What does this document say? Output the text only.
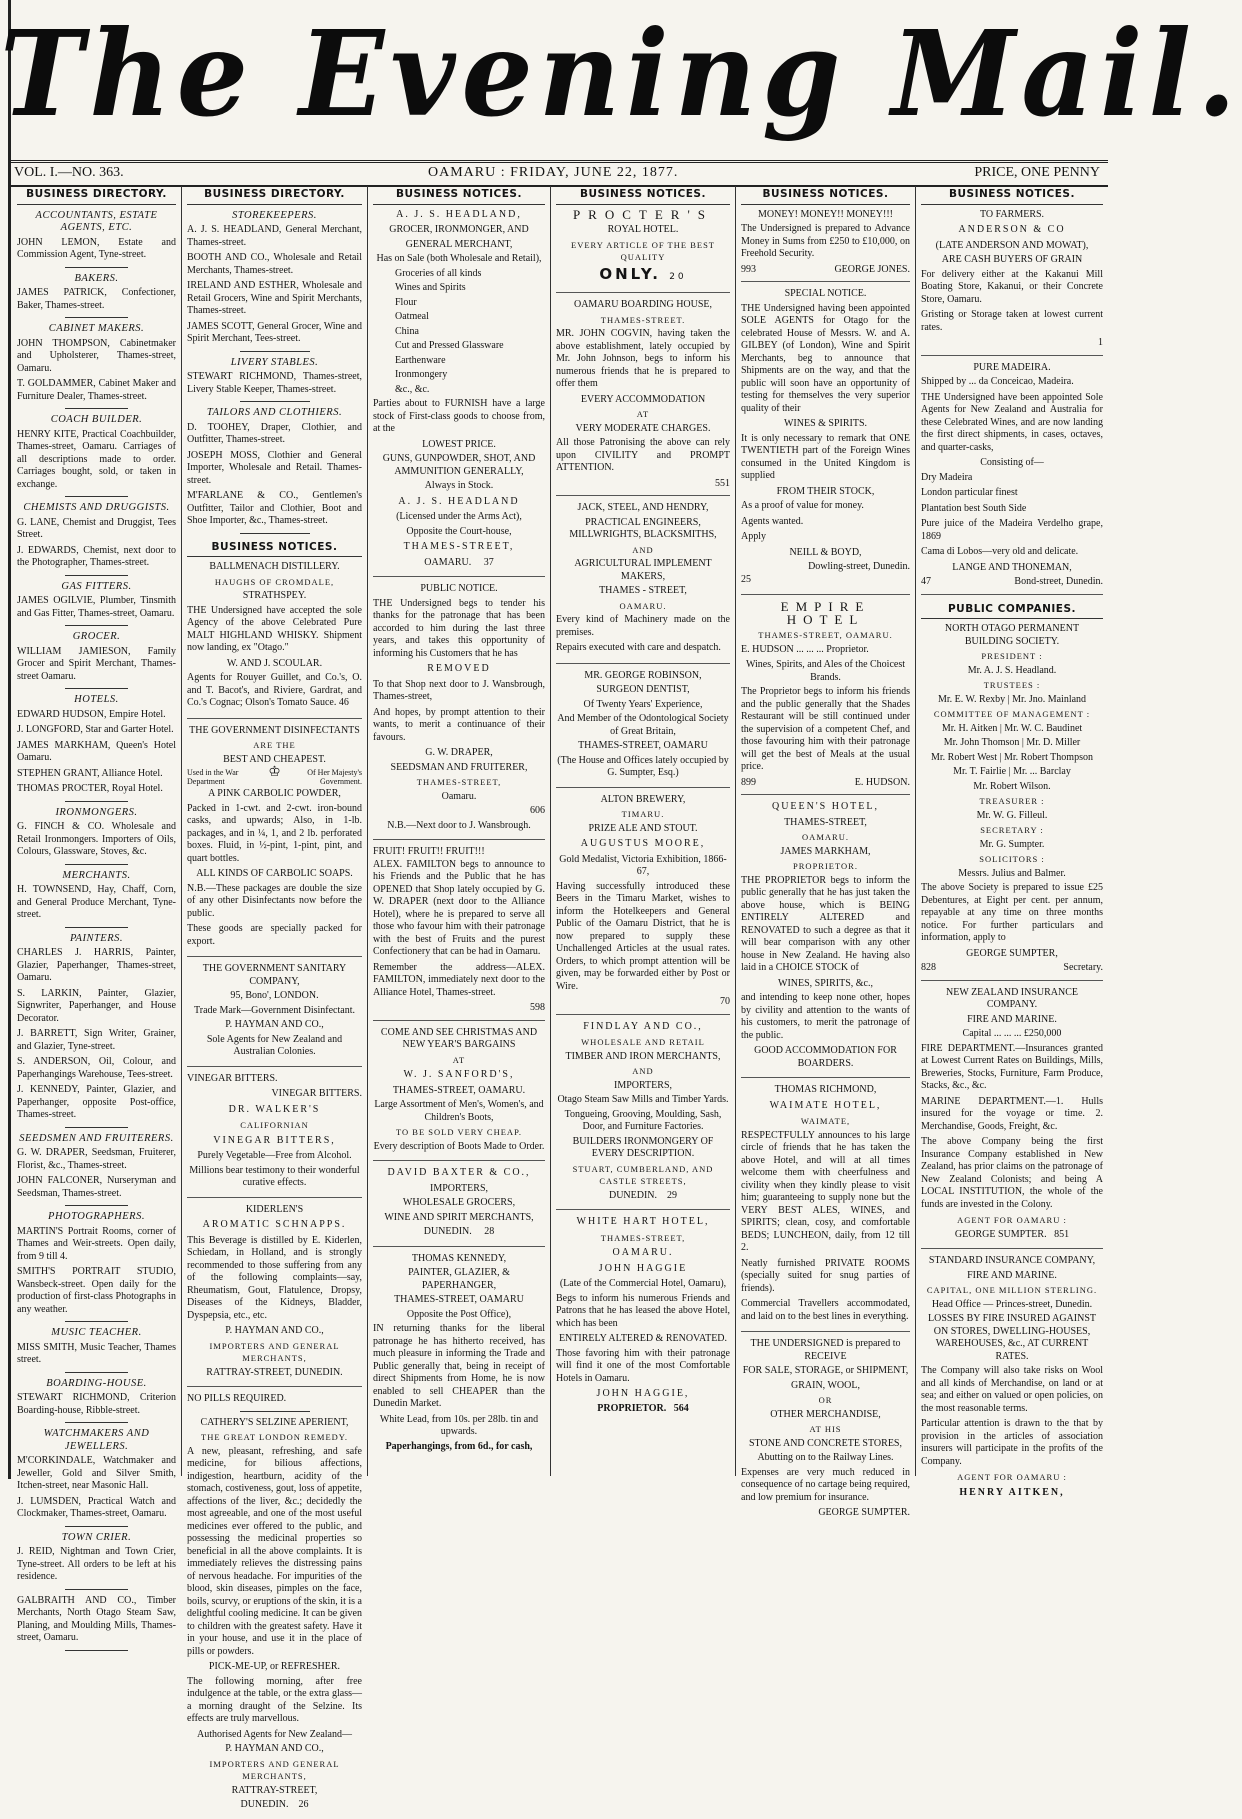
The Evening Mail.
VOL. I.—NO. 363.	OAMARU : FRIDAY, JUNE 22, 1877.	PRICE, ONE PENNY
BUSINESS DIRECTORY.
ACCOUNTANTS, ESTATE AGENTS, ETC.
JOHN LEMON, Estate and Commission Agent, Tyne-street.
BAKERS.
JAMES PATRICK, Confectioner, Baker, Thames-street.
CABINET MAKERS.
JOHN THOMPSON, Cabinetmaker and Upholsterer, Thames-street, Oamaru.
T. GOLDAMMER, Cabinet Maker and Furniture Dealer, Thames-street.
COACH BUILDER.
HENRY KITE, Practical Coachbuilder, Thames-street, Oamaru. Carriages of all descriptions made to order. Carriages bought, sold, or taken in exchange.
CHEMISTS AND DRUGGISTS.
G. LANE, Chemist and Druggist, Tees Street.
J. EDWARDS, Chemist, next door to the Photographer, Thames-street.
GAS FITTERS.
JAMES OGILVIE, Plumber, Tinsmith and Gas Fitter, Thames-street, Oamaru.
GROCER.
WILLIAM JAMIESON, Family Grocer and Spirit Merchant, Thames-street Oamaru.
HOTELS.
EDWARD HUDSON, Empire Hotel.
J. LONGFORD, Star and Garter Hotel.
JAMES MARKHAM, Queen's Hotel Oamaru.
STEPHEN GRANT, Alliance Hotel.
THOMAS PROCTER, Royal Hotel.
IRONMONGERS.
G. FINCH & CO. Wholesale and Retail Ironmongers. Importers of Oils, Colours, Glassware, Stoves, &c.
MERCHANTS.
H. TOWNSEND, Hay, Chaff, Corn, and General Produce Merchant, Tyne-street.
PAINTERS.
CHARLES J. HARRIS, Painter, Glazier, Paperhanger, Thames-street, Oamaru.
S. LARKIN, Painter, Glazier, Signwriter, Paperhanger, and House Decorator.
J. BARRETT, Sign Writer, Grainer, and Glazier, Tyne-street.
S. ANDERSON, Oil, Colour, and Paperhangings Warehouse, Tees-street.
J. KENNEDY, Painter, Glazier, and Paperhanger, opposite Post-office, Thames-street.
SEEDSMEN AND FRUITERERS.
G. W. DRAPER, Seedsman, Fruiterer, Florist, &c., Thames-street.
JOHN FALCONER, Nurseryman and Seedsman, Thames-street.
PHOTOGRAPHERS.
MARTIN'S Portrait Rooms, corner of Thames and Weir-streets. Open daily, from 9 till 4.
SMITH'S PORTRAIT STUDIO, Wansbeck-street. Open daily for the production of first-class Photographs in any weather.
MUSIC TEACHER.
MISS SMITH, Music Teacher, Thames street.
BOARDING-HOUSE.
STEWART RICHMOND, Criterion Boarding-house, Ribble-street.
WATCHMAKERS AND JEWELLERS.
M'CORKINDALE, Watchmaker and Jeweller, Gold and Silver Smith, Itchen-street, near Masonic Hall.
J. LUMSDEN, Practical Watch and Clockmaker, Thames-street, Oamaru.
TOWN CRIER.
J. REID, Nightman and Town Crier, Tyne-street. All orders to be left at his residence.
GALBRAITH AND CO., Timber Merchants, North Otago Steam Saw, Planing, and Moulding Mills, Thames-street, Oamaru.
BUSINESS DIRECTORY.
STOREKEEPERS.
A. J. S. HEADLAND, General Merchant, Thames-street.
BOOTH AND CO., Wholesale and Retail Merchants, Thames-street.
IRELAND AND ESTHER, Wholesale and Retail Grocers, Wine and Spirit Merchants, Thames-street.
JAMES SCOTT, General Grocer, Wine and Spirit Merchant, Tees-street.
LIVERY STABLES.
STEWART RICHMOND, Thames-street, Livery Stable Keeper, Thames-street.
TAILORS AND CLOTHIERS.
D. TOOHEY, Draper, Clothier, and Outfitter, Thames-street.
JOSEPH MOSS, Clothier and General Importer, Wholesale and Retail. Thames-street.
M'FARLANE & CO., Gentlemen's Outfitter, Tailor and Clothier, Boot and Shoe Importer, &c., Thames-street.
BUSINESS NOTICES.
BALLMENACH DISTILLERY.
HAUGHS OF CROMDALE,
STRATHSPEY.
THE Undersigned have accepted the sole Agency of the above Celebrated Pure MALT HIGHLAND WHISKY. Shipment now landing, ex "Otago."
W. AND J. SCOULAR.
Agents for Rouyer Guillet, and Co.'s, O. and T. Bacot's, and Riviere, Gardrat, and Co.'s Cognac; Olson's Tomato Sauce. 46
THE GOVERNMENT DISINFECTANTS
ARE THE
BEST AND CHEAPEST.
Used in the War Department
♔	Of Her Majesty's Government.
A PINK CARBOLIC POWDER,
Packed in 1-cwt. and 2-cwt. iron-bound casks, and upwards; Also, in 1-lb. packages, and in ¼, 1, and 2 lb. perforated boxes. Fluid, in ½-pint, 1-pint, pint, and quart bottles.
ALL KINDS OF CARBOLIC SOAPS.
N.B.—These packages are double the size of any other Disinfectants now before the public.
These goods are specially packed for export.
THE GOVERNMENT SANITARY COMPANY,
95, Bono', LONDON.
Trade Mark—Government Disinfectant.
P. HAYMAN AND CO.,
Sole Agents for New Zealand and Australian Colonies.
VINEGAR BITTERS.
VINEGAR BITTERS.
DR. WALKER'S
CALIFORNIAN
VINEGAR BITTERS,
Purely Vegetable—Free from Alcohol.
Millions bear testimony to their wonderful curative effects.
KIDERLEN'S
AROMATIC SCHNAPPS.
This Beverage is distilled by E. Kiderlen, Schiedam, in Holland, and is strongly recommended to those suffering from any of the following complaints—say, Rheumatism, Gout, Flatulence, Dropsy, Diseases of the Kidneys, Bladder, Dyspepsia, etc., etc.
P. HAYMAN AND CO.,
IMPORTERS AND GENERAL MERCHANTS,
RATTRAY-STREET, DUNEDIN.
NO PILLS REQUIRED.
CATHERY'S SELZINE APERIENT,
THE GREAT LONDON REMEDY.
A new, pleasant, refreshing, and safe medicine, for bilious affections, indigestion, heartburn, acidity of the stomach, costiveness, gout, loss of appetite, affections of the liver, &c.; decidedly the most agreeable, and one of the most useful medicines ever offered to the public, and possessing the medicinal properties so beneficial in all the above complaints. It is immediately relieves the distressing pains of nervous headache. For impurities of the blood, skin diseases, pimples on the face, boils, scurvy, or eruptions of the skin, it is a delightful cooling medicine. It can be given to children with the greatest safety. Have it in your house, and use it in the place of pills or powders.
PICK-ME-UP, or REFRESHER.
The following morning, after free indulgence at the table, or the extra glass—a morning draught of the Selzine. Its effects are truly marvellous.
Authorised Agents for New Zealand—
P. HAYMAN AND CO.,
IMPORTERS AND GENERAL MERCHANTS,
RATTRAY-STREET,
DUNEDIN. 26
BUSINESS NOTICES.
A. J. S. HEADLAND,
GROCER, IRONMONGER, AND
GENERAL MERCHANT,
Has on Sale (both Wholesale and Retail),
Groceries of all kinds
Wines and Spirits
Flour
Oatmeal
China
Cut and Pressed Glassware
Earthenware
Ironmongery
&c., &c.
Parties about to FURNISH have a large stock of First-class goods to choose from, at the
LOWEST PRICE.
GUNS, GUNPOWDER, SHOT, AND AMMUNITION GENERALLY,
Always in Stock.
A. J. S. HEADLAND
(Licensed under the Arms Act),
Opposite the Court-house,
THAMES-STREET,
OAMARU. 37
PUBLIC NOTICE.
THE Undersigned begs to tender his thanks for the patronage that has been accorded to him during the last three years, and takes this opportunity of informing his Customers that he has
REMOVED
To that Shop next door to J. Wansbrough, Thames-street,
And hopes, by prompt attention to their wants, to merit a continuance of their favours.
G. W. DRAPER,
SEEDSMAN AND FRUITERER,
THAMES-STREET,
Oamaru.
606
N.B.—Next door to J. Wansbrough.
FRUIT! FRUIT!! FRUIT!!!
ALEX. FAMILTON begs to announce to his Friends and the Public that he has OPENED that Shop lately occupied by G. W. DRAPER (next door to the Alliance Hotel), where he is prepared to serve all those who favour him with their patronage with the best of Fruits and the purest Confectionery that can be had in Oamaru.
Remember the address—ALEX. FAMILTON, immediately next door to the Alliance Hotel, Thames-street.
598
COME AND SEE CHRISTMAS AND NEW YEAR'S BARGAINS
AT
W. J. SANFORD'S,
THAMES-STREET, OAMARU.
Large Assortment of Men's, Women's, and Children's Boots,
TO BE SOLD VERY CHEAP.
Every description of Boots Made to Order.
DAVID BAXTER & CO.,
IMPORTERS,
WHOLESALE GROCERS,
WINE AND SPIRIT MERCHANTS,
DUNEDIN. 28
THOMAS KENNEDY,
PAINTER, GLAZIER, & PAPERHANGER,
THAMES-STREET, OAMARU
Opposite the Post Office),
IN returning thanks for the liberal patronage he has hitherto received, has much pleasure in informing the Trade and Public generally that, being in receipt of direct Shipments from Home, he is now enabled to sell CHEAPER than the Dunedin Market.
White Lead, from 10s. per 28lb. tin and upwards.
Paperhangings, from 6d., for cash,
BUSINESS NOTICES.
PROCTER'S
ROYAL HOTEL.
EVERY ARTICLE OF THE BEST QUALITY
ONLY. 20
OAMARU BOARDING HOUSE,
THAMES-STREET.
MR. JOHN COGVIN, having taken the above establishment, lately occupied by Mr. John Johnson, begs to inform his numerous friends that he is prepared to offer them
EVERY ACCOMMODATION
AT
VERY MODERATE CHARGES.
All those Patronising the above can rely upon CIVILITY and PROMPT ATTENTION.
551
JACK, STEEL, AND HENDRY,
PRACTICAL ENGINEERS, MILLWRIGHTS, BLACKSMITHS,
AND
AGRICULTURAL IMPLEMENT MAKERS,
THAMES - STREET,
OAMARU.
Every kind of Machinery made on the premises.
Repairs executed with care and despatch.
MR. GEORGE ROBINSON,
SURGEON DENTIST,
Of Twenty Years' Experience,
And Member of the Odontological Society of Great Britain,
THAMES-STREET, OAMARU
(The House and Offices lately occupied by G. Sumpter, Esq.)
ALTON BREWERY,
TIMARU.
PRIZE ALE AND STOUT.
AUGUSTUS MOORE,
Gold Medalist, Victoria Exhibition, 1866-67,
Having successfully introduced these Beers in the Timaru Market, wishes to inform the Hotelkeepers and General Public of the Oamaru District, that he is now prepared to supply these Unchallenged Articles at the usual rates. Orders, to which prompt attention will be given, may be forwarded either by Post or Wire.
70
FINDLAY AND CO.,
WHOLESALE AND RETAIL
TIMBER AND IRON MERCHANTS,
AND
IMPORTERS,
Otago Steam Saw Mills and Timber Yards.
Tongueing, Grooving, Moulding, Sash, Door, and Furniture Factories.
BUILDERS IRONMONGERY OF EVERY DESCRIPTION.
STUART, CUMBERLAND, AND CASTLE STREETS,
DUNEDIN. 29
WHITE HART HOTEL,
THAMES-STREET,
OAMARU.
JOHN HAGGIE
(Late of the Commercial Hotel, Oamaru),
Begs to inform his numerous Friends and Patrons that he has leased the above Hotel, which has been
ENTIRELY ALTERED & RENOVATED.
Those favoring him with their patronage will find it one of the most Comfortable Hotels in Oamaru.
JOHN HAGGIE,
PROPRIETOR. 564
BUSINESS NOTICES.
MONEY! MONEY!! MONEY!!!
The Undersigned is prepared to Advance Money in Sums from £250 to £10,000, on Freehold Security.
993	GEORGE JONES.
SPECIAL NOTICE.
THE Undersigned having been appointed SOLE AGENTS for Otago for the celebrated House of Messrs. W. and A. GILBEY (of London), Wine and Spirit Merchants, beg to announce that Shipments are on the way, and that the public will soon have an opportunity of testing for themselves the very superior quality of their
WINES & SPIRITS.
It is only necessary to remark that ONE TWENTIETH part of the Foreign Wines consumed in the United Kingdom is supplied
FROM THEIR STOCK,
As a proof of value for money.
Agents wanted.
Apply
NEILL & BOYD,
Dowling-street, Dunedin.
25
EMPIRE HOTEL
THAMES-STREET, OAMARU.
E. HUDSON ... ... ... Proprietor.
Wines, Spirits, and Ales of the Choicest Brands.
The Proprietor begs to inform his friends and the public generally that the Shades Restaurant will be still continued under the supervision of a competent Chef, and those favouring him with their patronage will get the best of Meals at the usual price.
899	E. HUDSON.
QUEEN'S HOTEL,
THAMES-STREET,
OAMARU.
JAMES MARKHAM,
PROPRIETOR.
THE PROPRIETOR begs to inform the public generally that he has just taken the above house, which is BEING ENTIRELY ALTERED and RENOVATED to such a degree as that it will bear comparison with any other house in New Zealand. He having also laid in a CHOICE STOCK of
WINES, SPIRITS, &c.,
and intending to keep none other, hopes by civility and attention to the wants of his customers, to merit the patronage of the public.
GOOD ACCOMMODATION FOR BOARDERS.
THOMAS RICHMOND,
WAIMATE HOTEL,
WAIMATE,
RESPECTFULLY announces to his large circle of friends that he has taken the above Hotel, and will at all times welcome them with cheerfulness and civility when they kindly please to visit him; guaranteeing to supply none but the VERY BEST ALES, WINES, and SPIRITS; clean, cosy, and comfortable BEDS; LUNCHEON, daily, from 12 till 2.
Neatly furnished PRIVATE ROOMS (specially suited for snug parties of friends).
Commercial Travellers accommodated, and laid on to the best lines in everything.
THE UNDERSIGNED is prepared to RECEIVE
FOR SALE, STORAGE, or SHIPMENT,
GRAIN, WOOL,
OR
OTHER MERCHANDISE,
AT HIS
STONE AND CONCRETE STORES,
Abutting on to the Railway Lines.
Expenses are very much reduced in consequence of no cartage being required, and low premium for insurance.
GEORGE SUMPTER.
BUSINESS NOTICES.
TO FARMERS.
ANDERSON & CO
(LATE ANDERSON AND MOWAT),
ARE CASH BUYERS OF GRAIN
For delivery either at the Kakanui Mill Boating Store, Kakanui, or their Concrete Store, Oamaru.
Gristing or Storage taken at lowest current rates.
1
PURE MADEIRA.
Shipped by ... da Conceicao, Madeira.
THE Undersigned have been appointed Sole Agents for New Zealand and Australia for these Celebrated Wines, and are now landing the first direct shipments, in cases, octaves, and quarter-casks,
Consisting of—
Dry Madeira
London particular finest
Plantation best South Side
Pure juice of the Madeira Verdelho grape, 1869
Cama di Lobos—very old and delicate.
LANGE AND THONEMAN,
47	Bond-street, Dunedin.
PUBLIC COMPANIES.
NORTH OTAGO PERMANENT BUILDING SOCIETY.
PRESIDENT :
Mr. A. J. S. Headland.
TRUSTEES :
Mr. E. W. Rexby | Mr. Jno. Mainland
COMMITTEE OF MANAGEMENT :
Mr. H. Aitken | Mr. W. C. Baudinet
Mr. John Thomson | Mr. D. Miller
Mr. Robert West | Mr. Robert Thompson
Mr. T. Fairlie | Mr. ... Barclay
Mr. Robert Wilson.
TREASURER :
Mr. W. G. Filleul.
SECRETARY :
Mr. G. Sumpter.
SOLICITORS :
Messrs. Julius and Balmer.
The above Society is prepared to issue £25 Debentures, at Eight per cent. per annum, repayable at any time on three months notice. For further particulars and information, apply to
GEORGE SUMPTER,
828	Secretary.
NEW ZEALAND INSURANCE COMPANY.
FIRE AND MARINE.
Capital ... ... ... £250,000
FIRE DEPARTMENT.—Insurances granted at Lowest Current Rates on Buildings, Mills, Breweries, Stocks, Furniture, Farm Produce, Stacks, &c., &c.
MARINE DEPARTMENT.—1. Hulls insured for the voyage or time. 2. Merchandise, Goods, Freight, &c.
The above Company being the first Insurance Company established in New Zealand, has prior claims on the patronage of New Zealand Colonists; and being A LOCAL INSTITUTION, the whole of the funds are invested in the Colony.
AGENT FOR OAMARU :
GEORGE SUMPTER. 851
STANDARD INSURANCE COMPANY,
FIRE AND MARINE.
CAPITAL, ONE MILLION STERLING.
Head Office — Princes-street, Dunedin.
LOSSES BY FIRE INSURED AGAINST ON STORES, DWELLING-HOUSES, WAREHOUSES, &c., AT CURRENT RATES.
The Company will also take risks on Wool and all kinds of Merchandise, on land or at sea; and either on valued or open policies, on the most reasonable terms.
Particular attention is drawn to the that by provision in the articles of association insurers will participate in the profits of the Company.
AGENT FOR OAMARU :
HENRY AITKEN,
